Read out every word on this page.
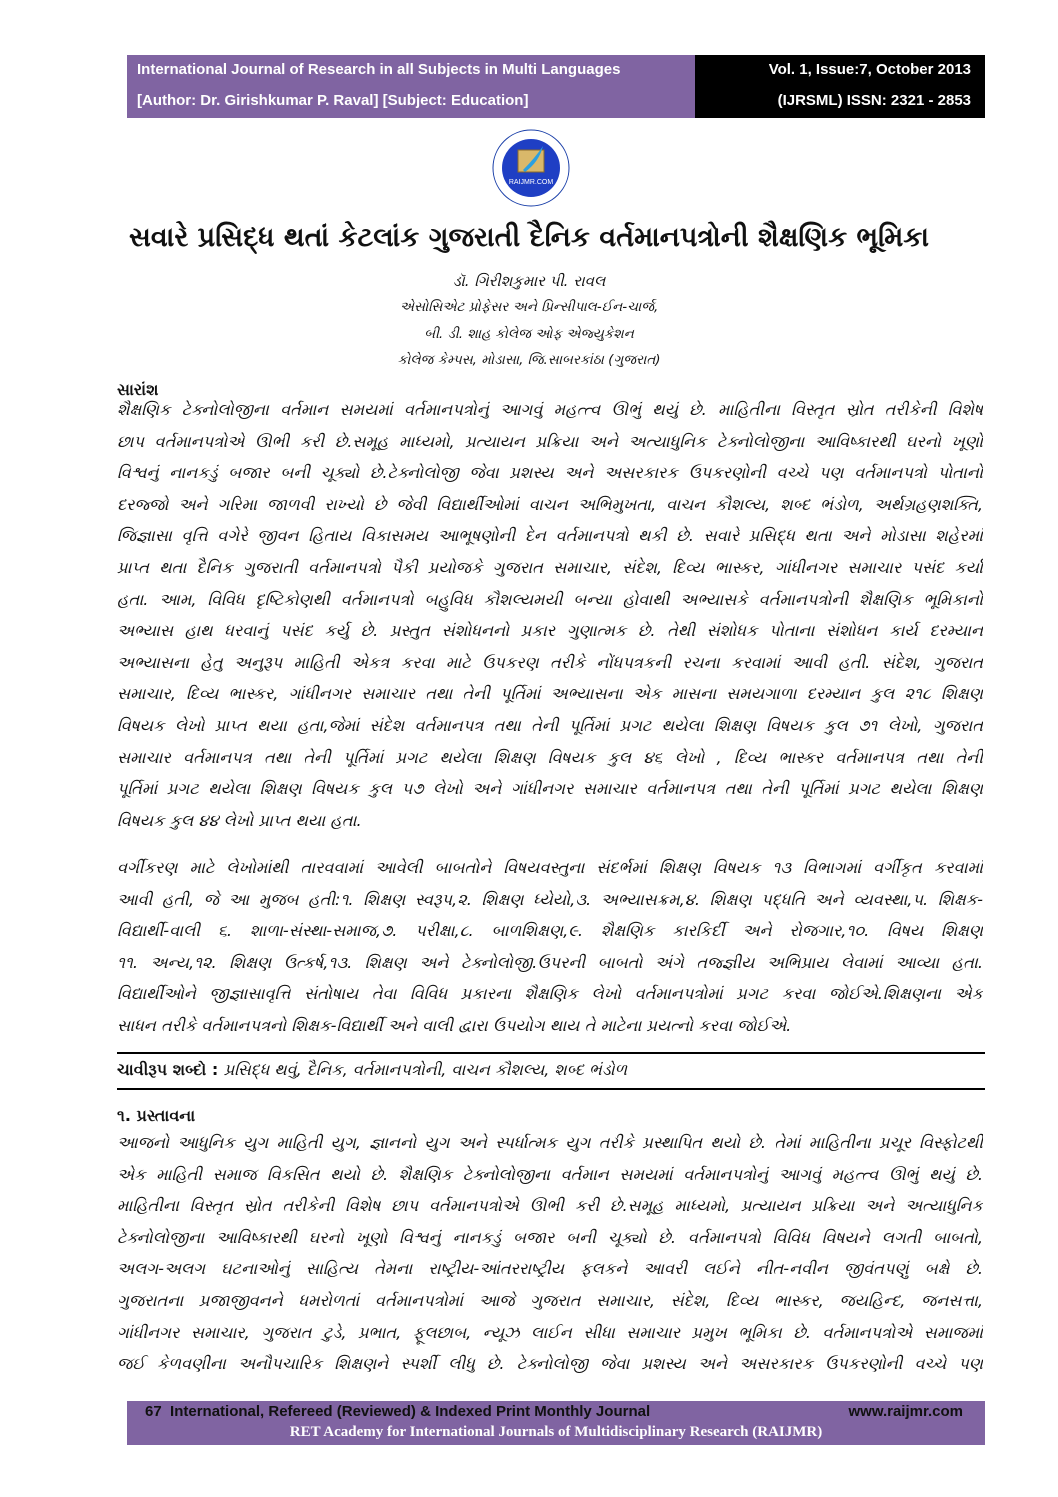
International Journal of Research in all Subjects in Multi Languages
[Author: Dr. Girishkumar P. Raval] [Subject: Education]
Vol. 1, Issue:7, October 2013
(IJRSML) ISSN: 2321 - 2853
RAIJMR.COM
સવારે પ્રસિદ્ધ થતાં કેટલાંક ગુજરાતી દૈનિક વર્તમાનપત્રોની શૈક્ષણિક ભૂમિકા
ડૉ. ગિરીશકુમાર પી. રાવલ
એસોસિએટ પ્રોફેસર અને પ્રિન્સીપાલ-ઈન-ચાર્જ,
બી. ડી. શાહ કોલેજ ઓફ એજ્યુકેશન
કોલેજ કેમ્પસ, મોડાસા, જિ.સાબરકાંઠા (ગુજરાત)
સારાંશ
શૈક્ષણિક ટેક્નોલોજીના વર્તમાન સમયમાં વર્તમાનપત્રોનું આગવું મહત્ત્વ ઊભું થયું છે. માહિતીના વિસ્તૃત સ્રોત તરીકેની વિશેષ
છાપ વર્તમાનપત્રોએ ઊભી કરી છે.સમૂહ માધ્યમો, પ્રત્યાયન પ્રક્રિયા અને અત્યાધુનિક ટેક્નોલોજીના આવિષ્કારથી ઘરનો ખૂણો
વિશ્વનું નાનકડું બજાર બની ચૂક્યો છે.ટેક્નોલોજી જેવા પ્રશસ્ય અને અસરકારક ઉપકરણોની વચ્ચે પણ વર્તમાનપત્રો પોતાનો
દરજ્જો અને ગરિમા જાળવી રાખ્યો છે જેવી વિદ્યાર્થીઓમાં વાચન અભિમુખતા, વાચન કૌશલ્ય, શબ્દ ભંડોળ, અર્થગ્રહણશક્તિ,
જિજ્ઞાસા વૃત્તિ વગેરે જીવન હિતાય વિકાસમય આભૂષણોની દેન વર્તમાનપત્રો થકી છે. સવારે પ્રસિદ્ધ થતા અને મોડાસા શહેરમાં
પ્રાપ્ત થતા દૈનિક ગુજરાતી વર્તમાનપત્રો પૈકી પ્રયોજકે ગુજરાત સમાચાર, સંદેશ, દિવ્ય ભાસ્કર, ગાંધીનગર સમાચાર પસંદ કર્યા
હતા. આમ, વિવિધ દૃષ્ટિકોણથી વર્તમાનપત્રો બહુવિધ કૌશલ્યમયી બન્યા હોવાથી અભ્યાસકે વર્તમાનપત્રોની શૈક્ષણિક ભૂમિકાનો
અભ્યાસ હાથ ધરવાનું પસંદ કર્યુ છે. પ્રસ્તુત સંશોધનનો પ્રકાર ગુણાત્મક છે. તેથી સંશોધક પોતાના સંશોધન કાર્ય દરમ્યાન
અભ્યાસના હેતુ અનુરૂપ માહિતી એકત્ર કરવા માટે ઉપકરણ તરીકે નોંધપત્રકની રચના કરવામાં આવી હતી. સંદેશ, ગુજરાત
સમાચાર, દિવ્ય ભાસ્કર, ગાંધીનગર સમાચાર તથા તેની પૂર્તિમાં અભ્યાસના એક માસના સમયગાળા દરમ્યાન કુલ ૨૧૮ શિક્ષણ
વિષયક લેખો પ્રાપ્ત થયા હતા,જેમાં સંદેશ વર્તમાનપત્ર તથા તેની પૂર્તિમાં પ્રગટ થયેલા શિક્ષણ વિષયક કુલ ૭૧ લેખો, ગુજરાત
સમાચાર વર્તમાનપત્ર તથા તેની પૂર્તિમાં પ્રગટ થયેલા શિક્ષણ વિષયક કુલ ૪૬ લેખો , દિવ્ય ભાસ્કર વર્તમાનપત્ર તથા તેની
પૂર્તિમાં પ્રગટ થયેલા શિક્ષણ વિષયક કુલ ૫૭ લેખો અને ગાંધીનગર સમાચાર વર્તમાનપત્ર તથા તેની પૂર્તિમાં પ્રગટ થયેલા શિક્ષણ
વિષયક કુલ ૪૪ લેખો પ્રાપ્ત થયા હતા.
વર્ગીકરણ માટે લેખોમાંથી તારવવામાં આવેલી બાબતોને વિષયવસ્તુના સંદર્ભમાં શિક્ષણ વિષયક ૧૩ વિભાગમાં વર્ગીકૃત કરવામાં
આવી હતી, જે આ મુજબ હતી:૧. શિક્ષણ સ્વરૂપ,૨. શિક્ષણ ધ્યેયો,૩. અભ્યાસક્રમ,૪. શિક્ષણ પદ્ધતિ અને વ્યવસ્થા,૫. શિક્ષક-
વિદ્યાર્થી-વાલી ૬. શાળા-સંસ્થા-સમાજ,૭. પરીક્ષા,૮. બાળશિક્ષણ,૯. શૈક્ષણિક કારકિર્દી અને રોજગાર,૧૦. વિષય શિક્ષણ
૧૧. અન્ય,૧૨. શિક્ષણ ઉત્કર્ષ,૧૩. શિક્ષણ અને ટેક્નોલોજી.ઉપરની બાબતો અંગે તજ્જ્ઞીય અભિપ્રાય લેવામાં આવ્યા હતા.
વિદ્યાર્થીઓને જીજ્ઞાસાવૃત્તિ સંતોષાય તેવા વિવિધ પ્રકારના શૈક્ષણિક લેખો વર્તમાનપત્રોમાં પ્રગટ કરવા જોઈએ.શિક્ષણના એક
સાધન તરીકે વર્તમાનપત્રનો શિક્ષક-વિદ્યાર્થી અને વાલી દ્વારા ઉપયોગ થાય તે માટેના પ્રયત્નો કરવા જોઈએ.
ચાવીરૂપ શબ્દો : પ્રસિદ્ધ થવું, દૈનિક, વર્તમાનપત્રોની, વાચન કૌશલ્ય, શબ્દ ભંડોળ
૧. પ્રસ્તાવના
આજનો આધુનિક યુગ માહિતી યુગ, જ્ઞાનનો યુગ અને સ્પર્ધાત્મક યુગ તરીકે પ્રસ્થાપિત થયો છે. તેમાં માહિતીના પ્રચૂર વિસ્ફોટથી
એક માહિતી સમાજ વિકસિત થયો છે. શૈક્ષણિક ટેક્નોલોજીના વર્તમાન સમયમાં વર્તમાનપત્રોનું આગવું મહત્ત્વ ઊભું થયું છે.
માહિતીના વિસ્તૃત સ્રોત તરીકેની વિશેષ છાપ વર્તમાનપત્રોએ ઊભી કરી છે.સમૂહ માધ્યમો, પ્રત્યાયન પ્રક્રિયા અને અત્યાધુનિક
ટેક્નોલોજીના આવિષ્કારથી ઘરનો ખૂણો વિશ્વનું નાનકડું બજાર બની ચૂક્યો છે. વર્તમાનપત્રો વિવિધ વિષયને લગતી બાબતો,
અલગ-અલગ ઘટનાઓનું સાહિત્ય તેમના રાષ્ટ્રીય-આંતરરાષ્ટ્રીય ફલકને આવરી લઈને નીત-નવીન જીવંતપણું બક્ષે છે.
ગુજરાતના પ્રજાજીવનને ધમરોળતાં વર્તમાનપત્રોમાં આજે ગુજરાત સમાચાર, સંદેશ, દિવ્ય ભાસ્કર, જયહિન્દ, જનસત્તા,
ગાંધીનગર સમાચાર, ગુજરાત ટુડે, પ્રભાત, ફૂલછાબ, ન્યૂઝ લાઈન સીધા સમાચાર પ્રમુખ ભૂમિકા છે. વર્તમાનપત્રોએ સમાજમાં
જઈ કેળવણીના અનૌપચારિક શિક્ષણને સ્પર્શી લીધુ છે. ટેક્નોલોજી જેવા પ્રશસ્ય અને અસરકારક ઉપકરણોની વચ્ચે પણ
67 International, Refereed (Reviewed) & Indexed Print Monthly Journal	www.raijmr.com
RET Academy for International Journals of Multidisciplinary Research (RAIJMR)
